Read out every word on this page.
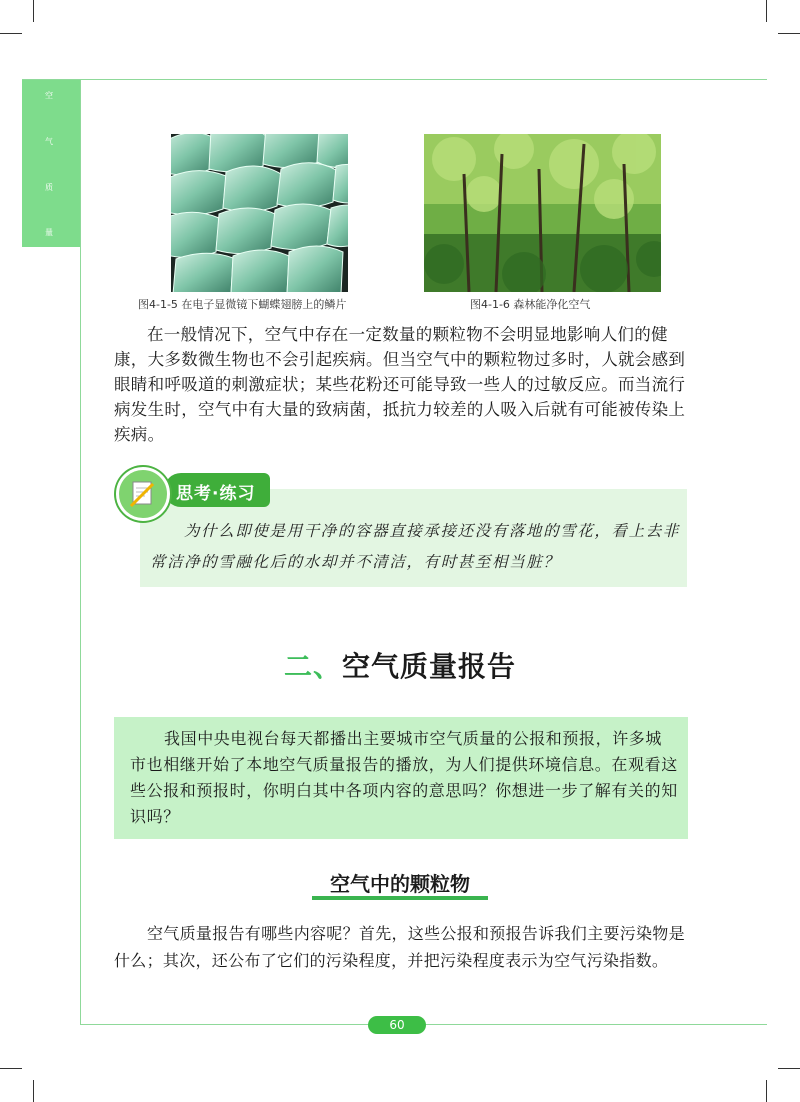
空
气
质
量
图4-1-5 在电子显微镜下蝴蝶翅膀上的鳞片	图4-1-6 森林能净化空气
在一般情况下，空气中存在一定数量的颗粒物不会明显地影响人们的健康，大多数微生物也不会引起疾病。但当空气中的颗粒物过多时，人就会感到眼睛和呼吸道的刺激症状；某些花粉还可能导致一些人的过敏反应。而当流行病发生时，空气中有大量的致病菌，抵抗力较差的人吸入后就有可能被传染上疾病。
思考·练习
为什么即使是用干净的容器直接承接还没有落地的雪花，看上去非常洁净的雪融化后的水却并不清洁，有时甚至相当脏？
二、空气质量报告
我国中央电视台每天都播出主要城市空气质量的公报和预报，许多城市也相继开始了本地空气质量报告的播放，为人们提供环境信息。在观看这些公报和预报时，你明白其中各项内容的意思吗？你想进一步了解有关的知识吗？
空气中的颗粒物
空气质量报告有哪些内容呢？首先，这些公报和预报告诉我们主要污染物是什么；其次，还公布了它们的污染程度，并把污染程度表示为空气污染指数。
60
